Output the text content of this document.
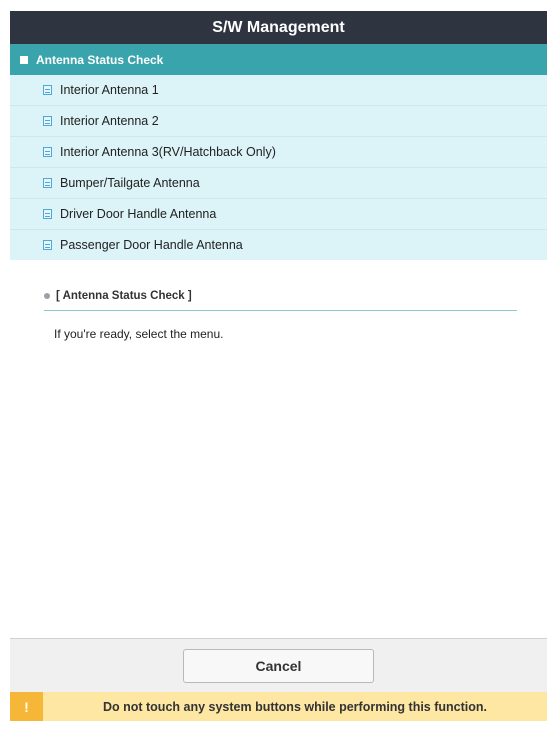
S/W Management
Antenna Status Check
Interior Antenna 1
Interior Antenna 2
Interior Antenna 3(RV/Hatchback Only)
Bumper/Tailgate Antenna
Driver Door Handle Antenna
Passenger Door Handle Antenna
[ Antenna Status Check ]
If you're ready, select the menu.
Cancel
!	Do not touch any system buttons while performing this function.
